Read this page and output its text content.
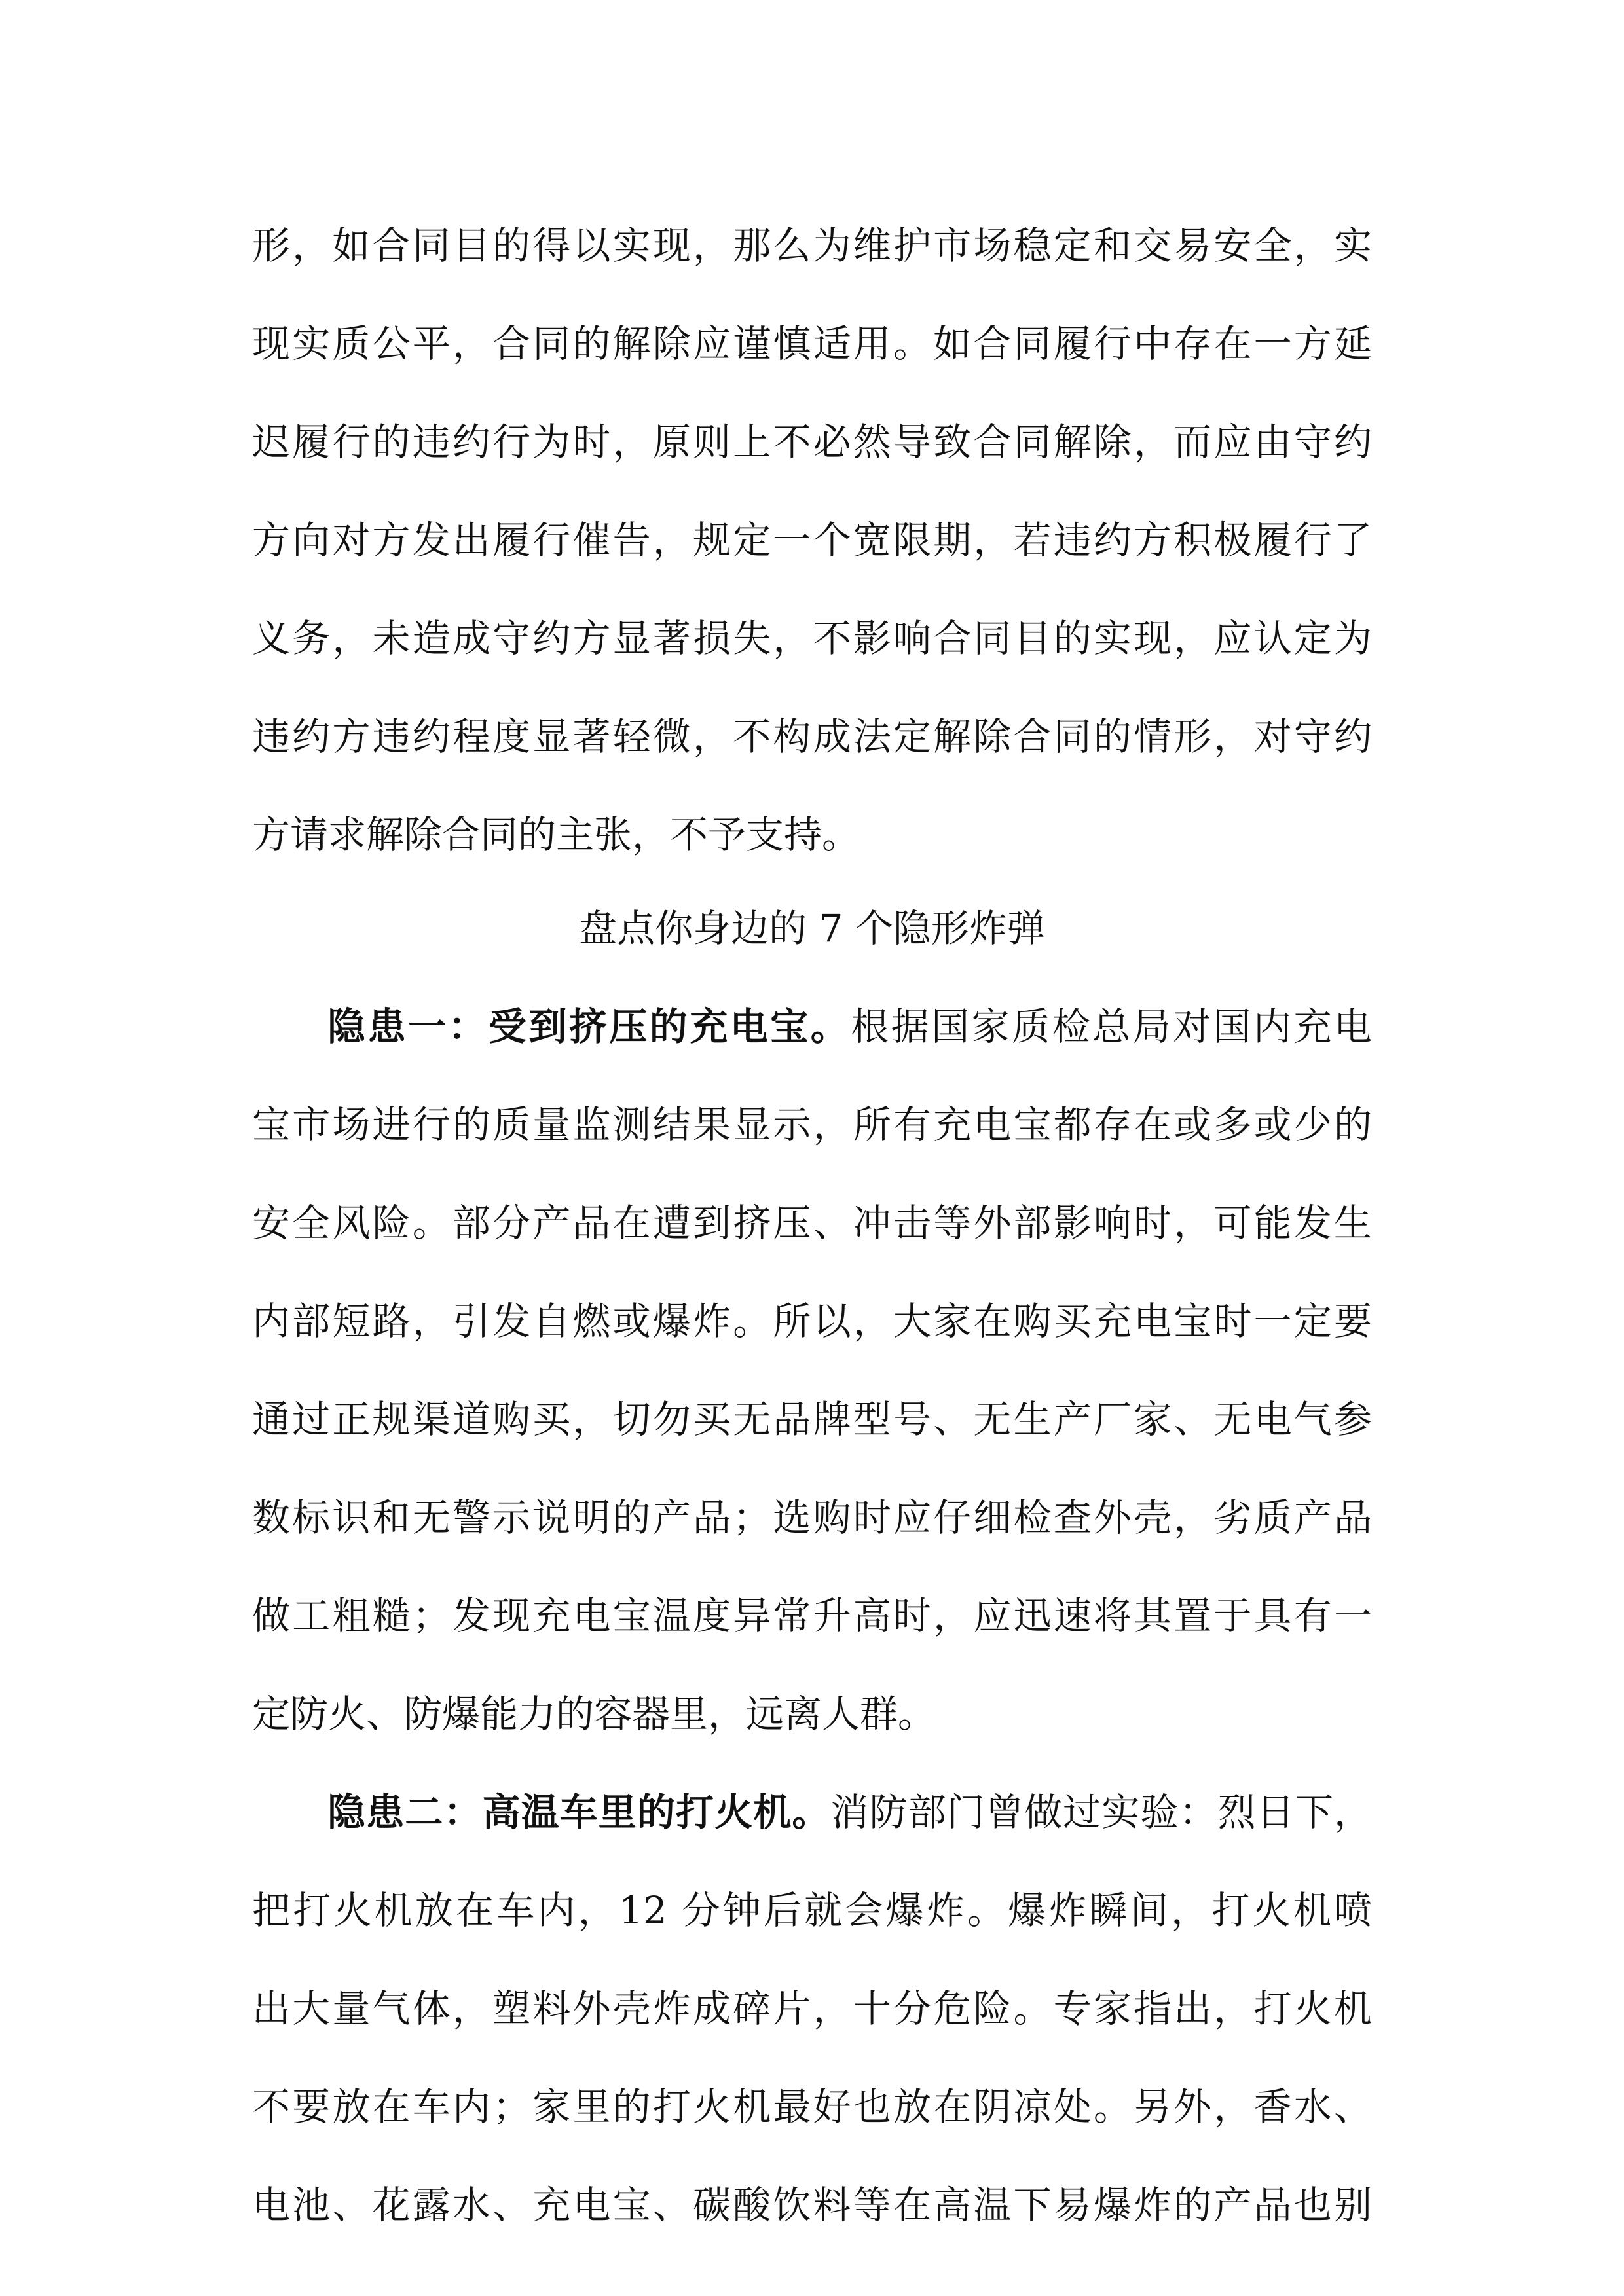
形，如合同目的得以实现，那么为维护市场稳定和交易安全，实

现实质公平，合同的解除应谨慎适用。如合同履行中存在一方延

迟履行的违约行为时，原则上不必然导致合同解除，而应由守约

方向对方发出履行催告，规定一个宽限期，若违约方积极履行了

义务，未造成守约方显著损失，不影响合同目的实现，应认定为

违约方违约程度显著轻微，不构成法定解除合同的情形，对守约

方请求解除合同的主张，不予支持。

盘点你身边的 7 个隐形炸弹

隐患一：受到挤压的充电宝。根据国家质检总局对国内充电

宝市场进行的质量监测结果显示，所有充电宝都存在或多或少的

安全风险。部分产品在遭到挤压、冲击等外部影响时，可能发生

内部短路，引发自燃或爆炸。所以，大家在购买充电宝时一定要

通过正规渠道购买，切勿买无品牌型号、无生产厂家、无电气参

数标识和无警示说明的产品；选购时应仔细检查外壳，劣质产品

做工粗糙；发现充电宝温度异常升高时，应迅速将其置于具有一

定防火、防爆能力的容器里，远离人群。

隐患二：高温车里的打火机。消防部门曾做过实验：烈日下，

把打火机放在车内，12 分钟后就会爆炸。爆炸瞬间，打火机喷

出大量气体，塑料外壳炸成碎片，十分危险。专家指出，打火机

不要放在车内；家里的打火机最好也放在阴凉处。另外，香水、

电池、花露水、充电宝、碳酸饮料等在高温下易爆炸的产品也别
